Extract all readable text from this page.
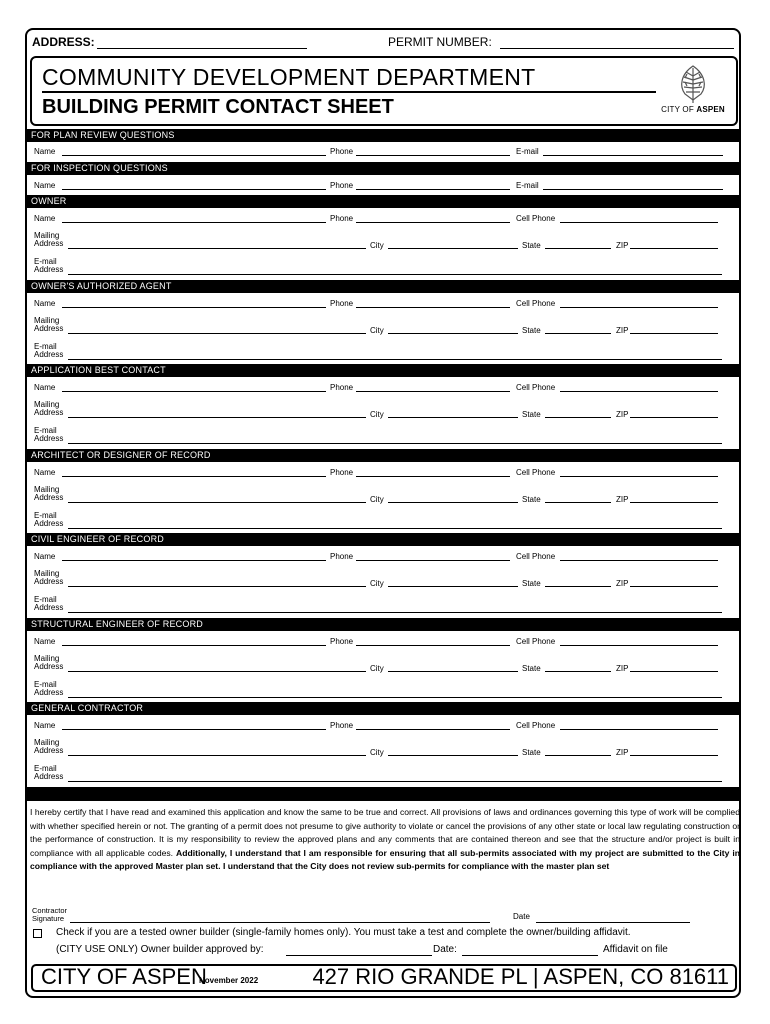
ADDRESS:	PERMIT NUMBER:
COMMUNITY DEVELOPMENT DEPARTMENT
BUILDING PERMIT CONTACT SHEET	CITY OF ASPEN
FOR PLAN REVIEW QUESTIONS
Name	Phone	E-mail
FOR INSPECTION QUESTIONS
Name	Phone	E-mail
OWNER
Name	Phone	Cell Phone
Mailing
Address	City	State	ZIP
E-mail
Address
OWNER'S AUTHORIZED AGENT
Name	Phone	Cell Phone
Mailing
Address	City	State	ZIP
E-mail
Address
APPLICATION BEST CONTACT
Name	Phone	Cell Phone
Mailing
Address	City	State	ZIP
E-mail
Address
ARCHITECT OR DESIGNER OF RECORD
Name	Phone	Cell Phone
Mailing
Address	City	State	ZIP
E-mail
Address
CIVIL ENGINEER OF RECORD
Name	Phone	Cell Phone
Mailing
Address	City	State	ZIP
E-mail
Address
STRUCTURAL ENGINEER OF RECORD
Name	Phone	Cell Phone
Mailing
Address	City	State	ZIP
E-mail
Address
GENERAL CONTRACTOR
Name	Phone	Cell Phone
Mailing
Address	City	State	ZIP
E-mail
Address
I hereby certify that I have read and examined this application and know the same to be true and correct. All provisions of laws and ordinances governing this type of work will be complied with whether specified herein or not. The granting of a permit does not presume to give authority to violate or cancel the provisions of any other state or local law regulating construction or the performance of construction. It is my responsibility to review the approved plans and any comments that are contained thereon and see that the structure and/or project is built in compliance with all applicable codes. Additionally, I understand that I am responsible for ensuring that all sub-permits associated with my project are submitted to the City in compliance with the approved Master plan set. I understand that the City does not review sub-permits for compliance with the master plan set
Contractor
Signature	Date
Check if you are a tested owner builder (single-family homes only). You must take a test and complete the owner/building affidavit.
(CITY USE ONLY) Owner builder approved by:	Date:	Affidavit on file
CITY OF ASPEN
November 2022 427 RIO GRANDE PL | ASPEN, CO 81611
